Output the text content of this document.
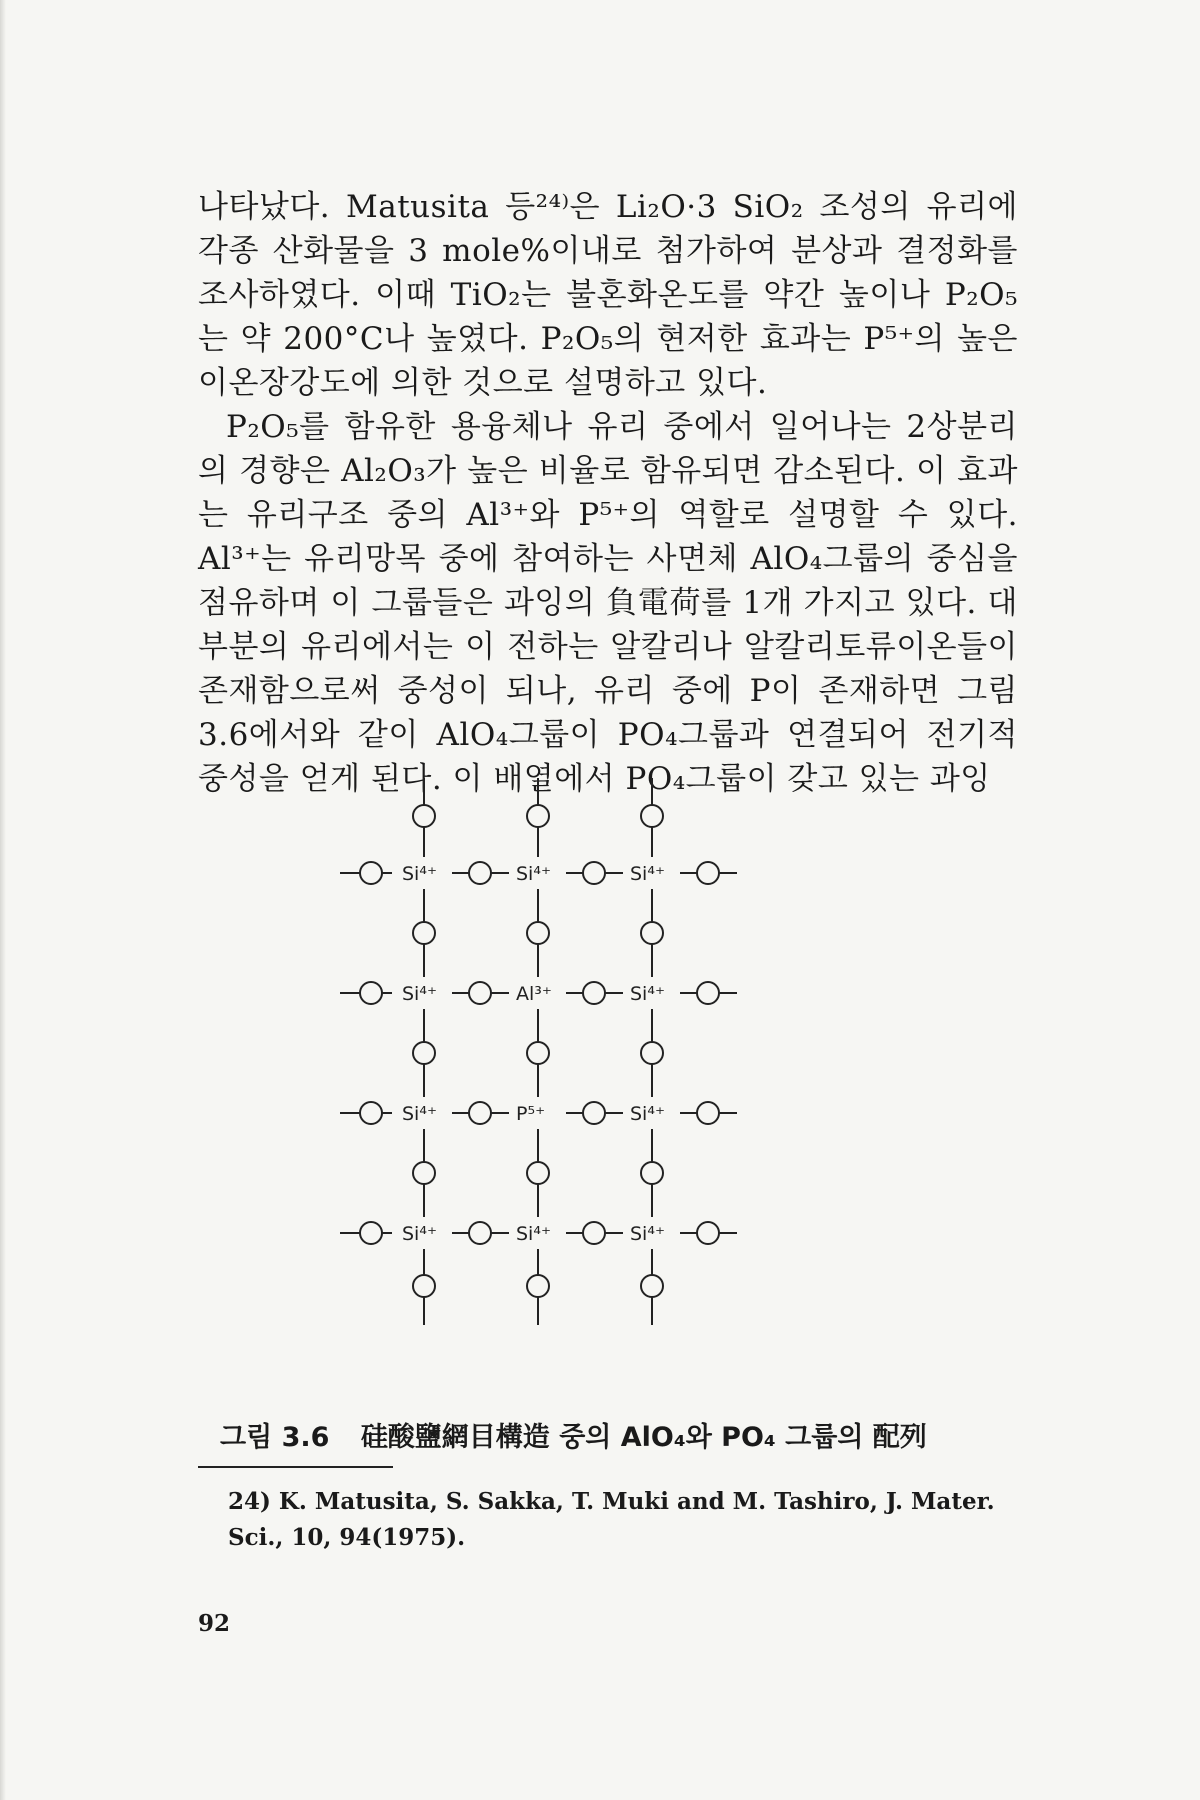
나타났다. Matusita 등²⁴⁾은 Li₂O·3 SiO₂ 조성의 유리에 각종 산화물을 3 mole%이내로 첨가하여 분상과 결정화를 조사하였다. 이때 TiO₂는 불혼화온도를 약간 높이나 P₂O₅는 약 200°C나 높였다. P₂O₅의 현저한 효과는 P⁵⁺의 높은 이온장강도에 의한 것으로 설명하고 있다.

P₂O₅를 함유한 용융체나 유리 중에서 일어나는 2상분리의 경향은 Al₂O₃가 높은 비율로 함유되면 감소된다. 이 효과는 유리구조 중의 Al³⁺와 P⁵⁺의 역할로 설명할 수 있다. Al³⁺는 유리망목 중에 참여하는 사면체 AlO₄그룹의 중심을 점유하며 이 그룹들은 과잉의 負電荷를 1개 가지고 있다. 대부분의 유리에서는 이 전하는 알칼리나 알칼리토류이온들이 존재함으로써 중성이 되나, 유리 중에 P이 존재하면 그림 3.6에서와 같이 AlO₄그룹이 PO₄그룹과 연결되어 전기적 중성을 얻게 된다. 이 배열에서 PO₄그룹이 갖고 있는 과잉

Si⁴⁺	Si⁴⁺	Si⁴⁺
Si⁴⁺	Al³⁺	Si⁴⁺
Si⁴⁺	P⁵⁺	Si⁴⁺
Si⁴⁺	Si⁴⁺	Si⁴⁺
그림 3.6 硅酸鹽網目構造 중의 AlO₄와 PO₄ 그룹의 配列
24) K. Matusita, S. Sakka, T. Muki and M. Tashiro, J. Mater. Sci., 10, 94(1975).
92
